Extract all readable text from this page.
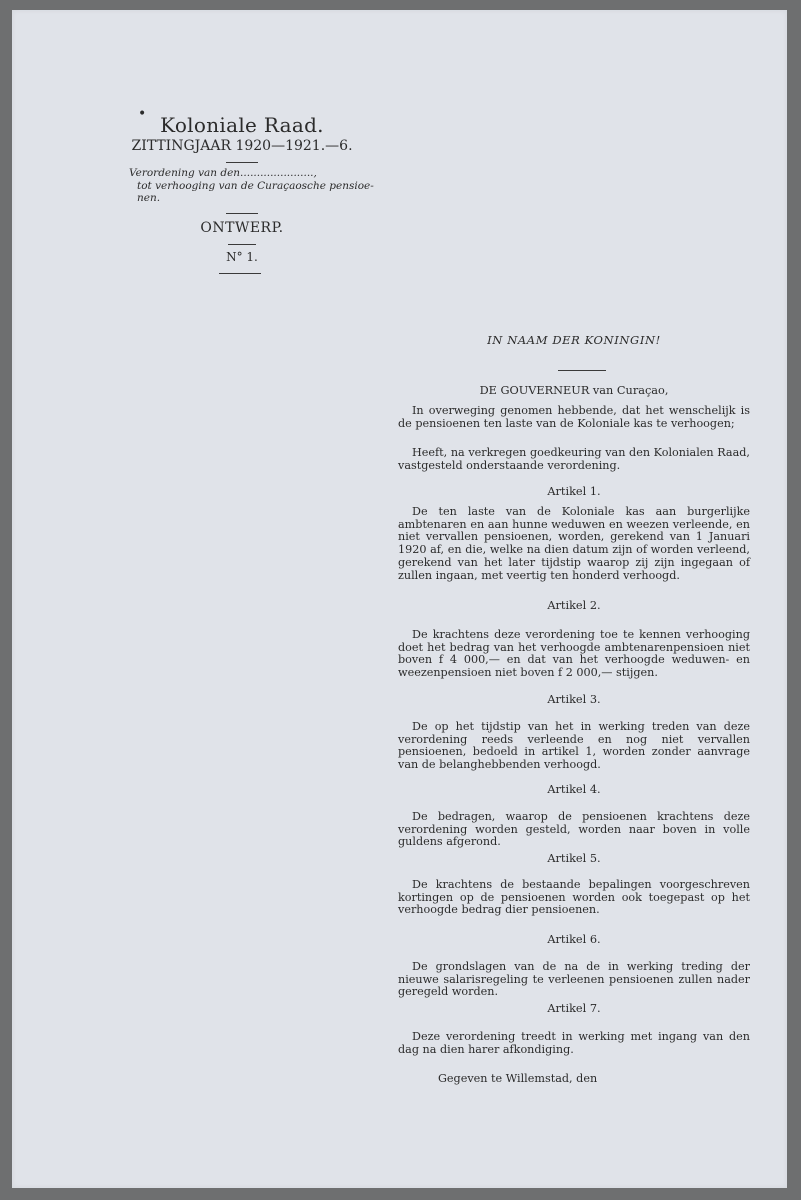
• Koloniale Raad.
ZITTINGJAAR 1920—1921.—6.
Verordening van den......................,
tot verhooging van de Curaçaosche pensioe-
nen.
ONTWERP.
N° 1.
IN NAAM DER KONINGIN!
DE GOUVERNEUR van Curaçao,

In overweging genomen hebbende, dat het wenschelijk is de pensioenen ten laste van de Koloniale kas te verhoogen;

Heeft, na verkregen goedkeuring van den Kolonialen Raad, vastgesteld onderstaande verordening.

Artikel 1.

De ten laste van de Koloniale kas aan burgerlijke ambtenaren en aan hunne weduwen en weezen verleende, en niet vervallen pensioenen, worden, gerekend van 1 Januari 1920 af, en die, welke na dien datum zijn of worden verleend, gerekend van het later tijdstip waarop zij zijn ingegaan of zullen ingaan, met veertig ten honderd verhoogd.

Artikel 2.

De krachtens deze verordening toe te kennen verhooging doet het bedrag van het verhoogde ambtenarenpensioen niet boven f 4 000,— en dat van het verhoogde weduwen- en weezenpensioen niet boven f 2 000,— stijgen.

Artikel 3.

De op het tijdstip van het in werking treden van deze verordening reeds verleende en nog niet vervallen pensioenen, bedoeld in artikel 1, worden zonder aanvrage van de belanghebbenden verhoogd.

Artikel 4.

De bedragen, waarop de pensioenen krachtens deze verordening worden gesteld, worden naar boven in volle guldens afgerond.

Artikel 5.

De krachtens de bestaande bepalingen voorgeschreven kortingen op de pensioenen worden ook toegepast op het verhoogde bedrag dier pensioenen.

Artikel 6.

De grondslagen van de na de in werking treding der nieuwe salarisregeling te verleenen pensioenen zullen nader geregeld worden.

Artikel 7.

Deze verordening treedt in werking met ingang van den dag na dien harer afkondiging.

Gegeven te Willemstad, den
